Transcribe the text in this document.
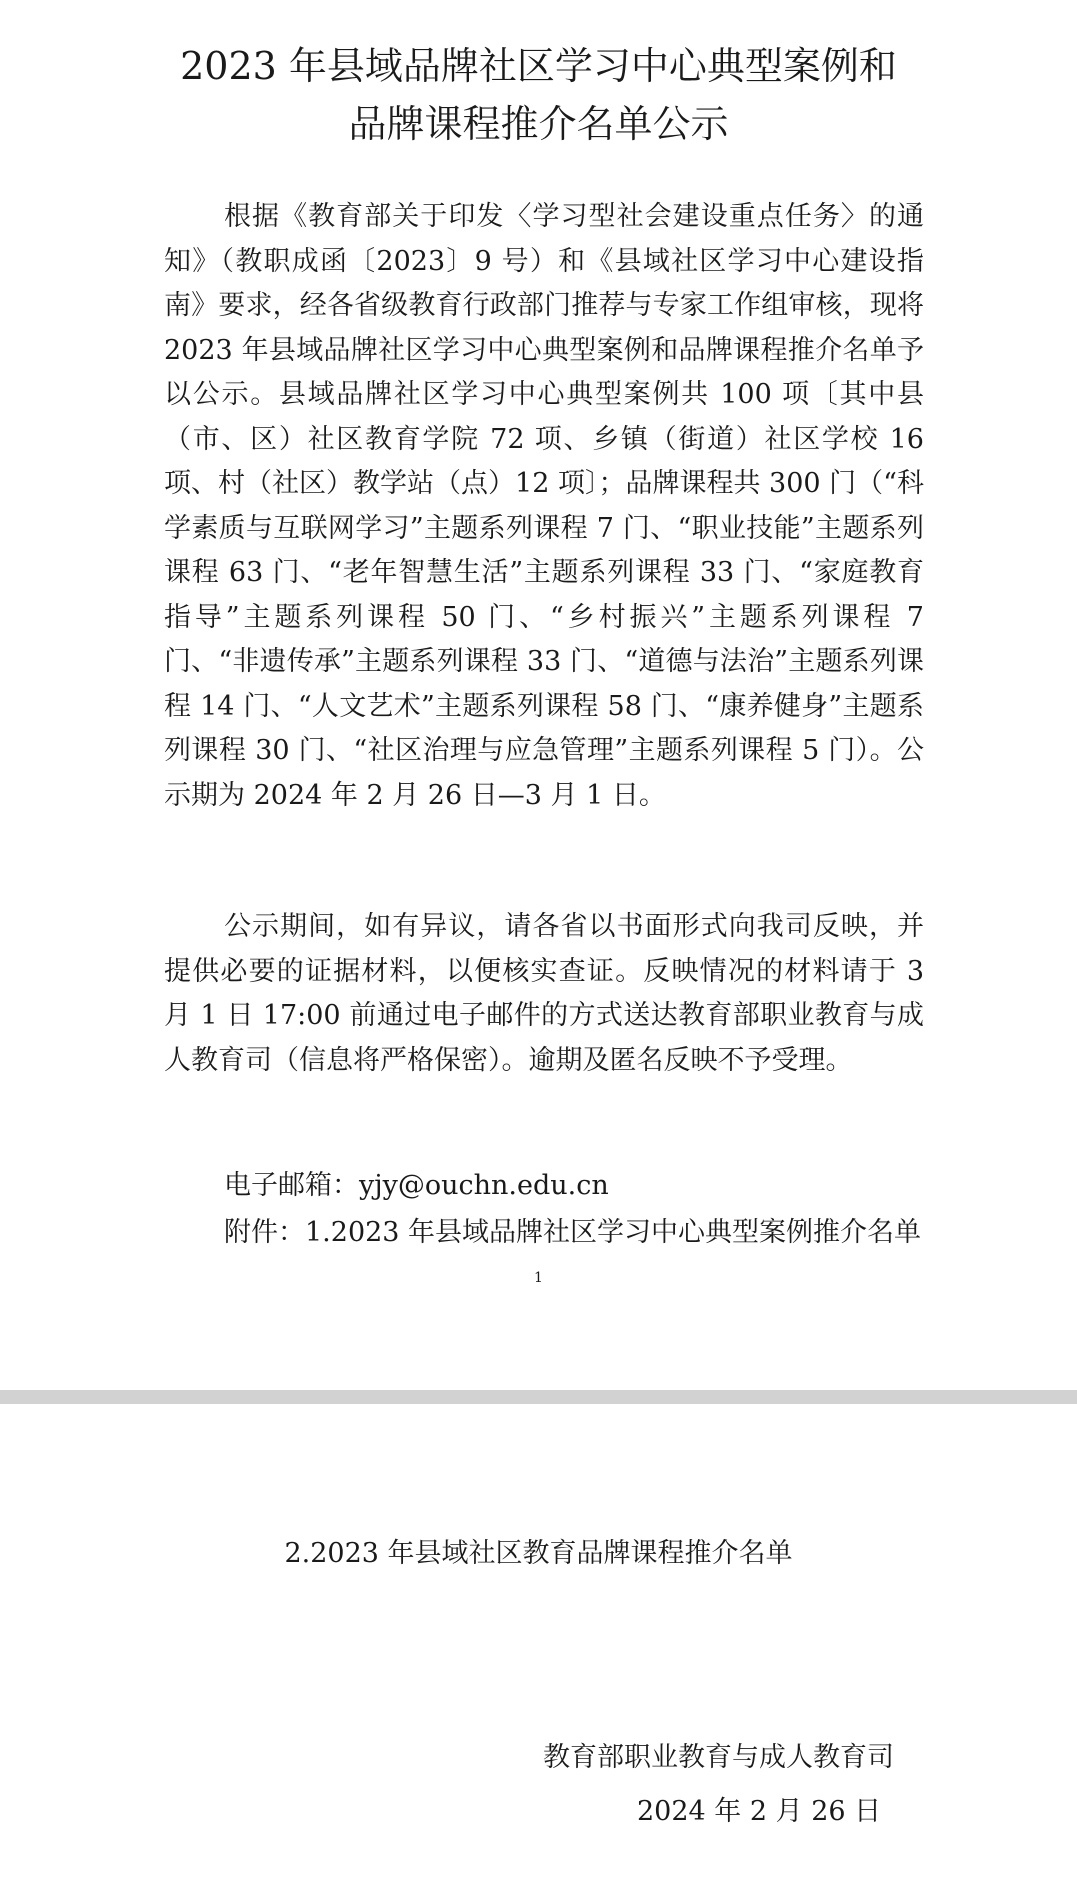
2023 年县域品牌社区学习中心典型案例和
品牌课程推介名单公示
根据《教育部关于印发〈学习型社会建设重点任务〉的通知》（教职成函〔2023〕9 号）和《县域社区学习中心建设指南》要求，经各省级教育行政部门推荐与专家工作组审核，现将 2023 年县域品牌社区学习中心典型案例和品牌课程推介名单予以公示。县域品牌社区学习中心典型案例共 100 项〔其中县（市、区）社区教育学院 72 项、乡镇（街道）社区学校 16 项、村（社区）教学站（点）12 项〕；品牌课程共 300 门（“科学素质与互联网学习”主题系列课程 7 门、“职业技能”主题系列课程 63 门、“老年智慧生活”主题系列课程 33 门、“家庭教育指导”主题系列课程 50 门、“乡村振兴”主题系列课程 7 门、“非遗传承”主题系列课程 33 门、“道德与法治”主题系列课程 14 门、“人文艺术”主题系列课程 58 门、“康养健身”主题系列课程 30 门、“社区治理与应急管理”主题系列课程 5 门）。公示期为 2024 年 2 月 26 日—3 月 1 日。
公示期间，如有异议，请各省以书面形式向我司反映，并提供必要的证据材料，以便核实查证。反映情况的材料请于 3 月 1 日 17:00 前通过电子邮件的方式送达教育部职业教育与成人教育司（信息将严格保密）。逾期及匿名反映不予受理。
电子邮箱：yjy@ouchn.edu.cn
附件：1.2023 年县域品牌社区学习中心典型案例推介名单
1
2.2023 年县域社区教育品牌课程推介名单
教育部职业教育与成人教育司
2024 年 2 月 26 日
